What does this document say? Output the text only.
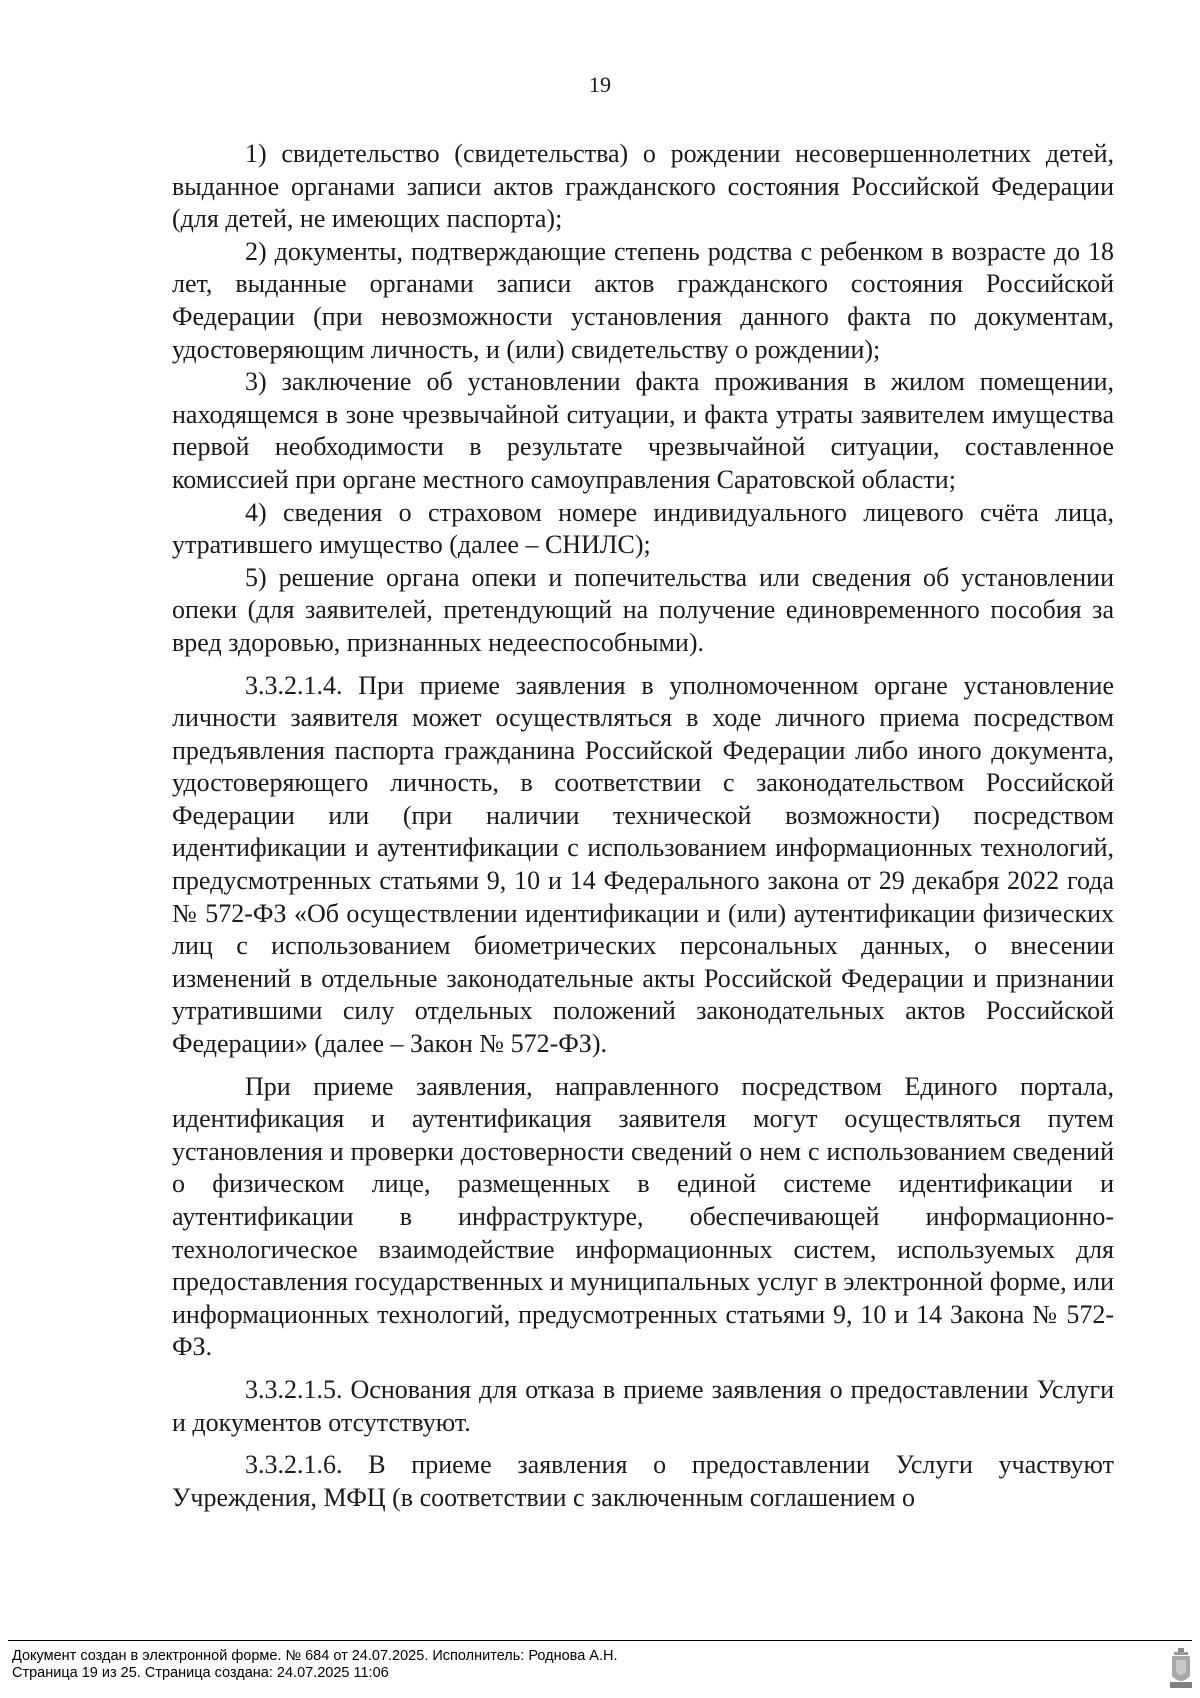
19

1) свидетельство (свидетельства) о рождении несовершеннолетних детей, выданное органами записи актов гражданского состояния Российской Федерации (для детей, не имеющих паспорта);

2) документы, подтверждающие степень родства с ребенком в возрасте до 18 лет, выданные органами записи актов гражданского состояния Российской Федерации (при невозможности установления данного факта по документам, удостоверяющим личность, и (или) свидетельству о рождении);

3) заключение об установлении факта проживания в жилом помещении, находящемся в зоне чрезвычайной ситуации, и факта утраты заявителем имущества первой необходимости в результате чрезвычайной ситуации, составленное комиссией при органе местного самоуправления Саратовской области;

4) сведения о страховом номере индивидуального лицевого счёта лица, утратившего имущество (далее – СНИЛС);

5) решение органа опеки и попечительства или сведения об установлении опеки (для заявителей, претендующий на получение единовременного пособия за вред здоровью, признанных недееспособными).

3.3.2.1.4. При приеме заявления в уполномоченном органе установление личности заявителя может осуществляться в ходе личного приема посредством предъявления паспорта гражданина Российской Федерации либо иного документа, удостоверяющего личность, в соответствии с законодательством Российской Федерации или (при наличии технической возможности) посредством идентификации и аутентификации с использованием информационных технологий, предусмотренных статьями 9, 10 и 14 Федерального закона от 29 декабря 2022 года № 572-ФЗ «Об осуществлении идентификации и (или) аутентификации физических лиц с использованием биометрических персональных данных, о внесении изменений в отдельные законодательные акты Российской Федерации и признании утратившими силу отдельных положений законодательных актов Российской Федерации» (далее – Закон № 572-ФЗ).

При приеме заявления, направленного посредством Единого портала, идентификация и аутентификация заявителя могут осуществляться путем установления и проверки достоверности сведений о нем с использованием сведений о физическом лице, размещенных в единой системе идентификации и аутентификации в инфраструктуре, обеспечивающей информационно-технологическое взаимодействие информационных систем, используемых для предоставления государственных и муниципальных услуг в электронной форме, или информационных технологий, предусмотренных статьями 9, 10 и 14 Закона № 572-ФЗ.

3.3.2.1.5. Основания для отказа в приеме заявления о предоставлении Услуги и документов отсутствуют.

3.3.2.1.6. В приеме заявления о предоставлении Услуги участвуют Учреждения, МФЦ (в соответствии с заключенным соглашением о

Документ создан в электронной форме. № 684 от 24.07.2025. Исполнитель: Роднова А.Н.
Страница 19 из 25. Страница создана: 24.07.2025 11:06
